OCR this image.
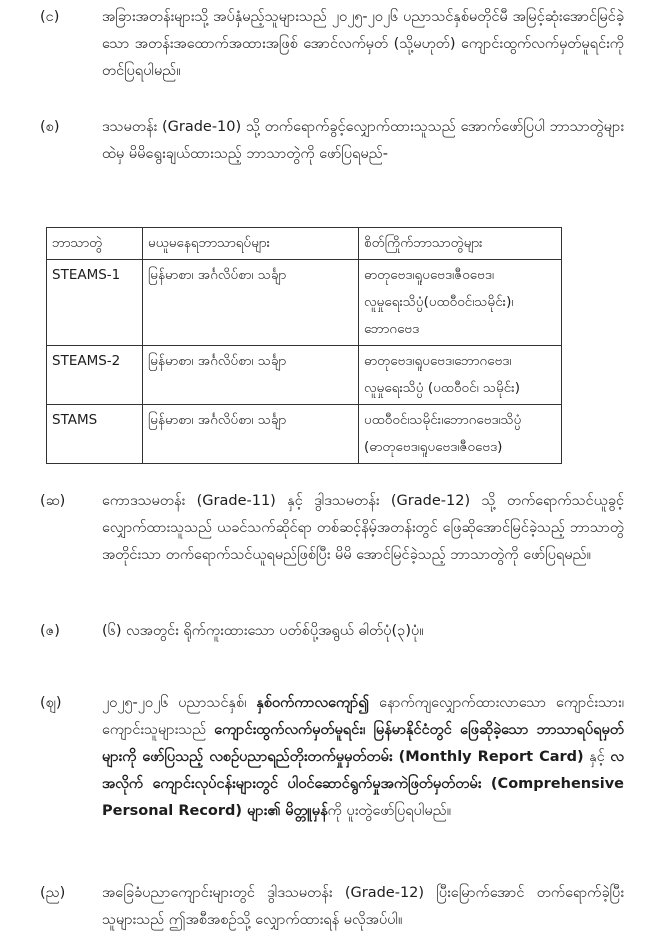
(င)	အခြားအတန်းများသို့ အပ်နှံမည့်သူများသည် ၂၀၂၅-၂၀၂၆ ပညာသင်နှစ်မတိုင်မီ အမြင့်ဆုံးအောင်မြင်ခဲ့သော အတန်းအထောက်အထားအဖြစ် အောင်လက်မှတ် (သို့မဟုတ်) ကျောင်းထွက်လက်မှတ်မူရင်းကို တင်ပြရပါမည်။
(စ)	ဒသမတန်း (Grade-10) သို့ တက်ရောက်ခွင့်လျှောက်ထားသူသည် အောက်ဖော်ပြပါ ဘာသာတွဲများထဲမှ မိမိရွေးချယ်ထားသည့် ဘာသာတွဲကို ဖော်ပြရမည်-
ဘာသာတွဲ	မယူမနေရဘာသာရပ်များ	စိတ်ကြိုက်ဘာသာတွဲများ
STEAMS-1	မြန်မာစာ၊ အင်္ဂလိပ်စာ၊ သင်္ချာ	ဓာတုဗေဒ၊ရူပဗေဒ၊ဇီဝဗေဒ၊ လူမှုရေးသိပ္ပံ(ပထဝီဝင်၊သမိုင်း)၊ ဘောဂဗေဒ
STEAMS-2	မြန်မာစာ၊ အင်္ဂလိပ်စာ၊ သင်္ချာ	ဓာတုဗေဒ၊ရူပဗေဒ၊ဘောဂဗေဒ၊ လူမှုရေးသိပ္ပံ (ပထဝီဝင်၊ သမိုင်း)
STAMS	မြန်မာစာ၊ အင်္ဂလိပ်စာ၊ သင်္ချာ	ပထဝီဝင်၊သမိုင်း၊ဘောဂဗေဒ၊သိပ္ပံ (ဓာတုဗေဒ၊ရူပဗေဒ၊ဇီဝဗေဒ)
(ဆ)	ကောဒသမတန်း (Grade-11) နှင့် ဒွါဒသမတန်း (Grade-12) သို့ တက်ရောက်သင်ယူခွင့်လျှောက်ထားသူသည် ယခင်သက်ဆိုင်ရာ တစ်ဆင့်နိမ့်အတန်းတွင် ဖြေဆိုအောင်မြင်ခဲ့သည့် ဘာသာတွဲအတိုင်းသာ တက်ရောက်သင်ယူရမည်ဖြစ်ပြီး မိမိ အောင်မြင်ခဲ့သည့် ဘာသာတွဲကို ဖော်ပြရမည်။
(ဇ)	(၆) လအတွင်း ရိုက်ကူးထားသော ပတ်စ်ပို့အရွယ် ဓါတ်ပုံ(၃)ပုံ။
(ဈ)	၂၀၂၅-၂၀၂၆ ပညာသင်နှစ်၊ နှစ်ဝက်ကာလကျော်၍ နောက်ကျလျှောက်ထားလာသော ကျောင်းသား၊ ကျောင်းသူများသည် ကျောင်းထွက်လက်မှတ်မူရင်း၊ မြန်မာနိုင်ငံတွင် ဖြေဆိုခဲ့သော ဘာသာရပ်ရမှတ်များကို ဖော်ပြသည့် လစဉ်ပညာရည်တိုးတက်မှုမှတ်တမ်း (Monthly Report Card) နှင့် လအလိုက် ကျောင်းလုပ်ငန်းများတွင် ပါဝင်ဆောင်ရွက်မှုအကဲဖြတ်မှတ်တမ်း (Comprehensive Personal Record) များ၏ မိတ္တူမှန်ကို ပူးတွဲဖော်ပြရပါမည်။
(ည)	အခြေခံပညာကျောင်းများတွင် ဒွါဒသမတန်း (Grade-12) ပြီးမြောက်အောင် တက်ရောက်ခဲ့ပြီးသူများသည် ဤအစီအစဉ်သို့ လျှောက်ထားရန် မလိုအပ်ပါ။
